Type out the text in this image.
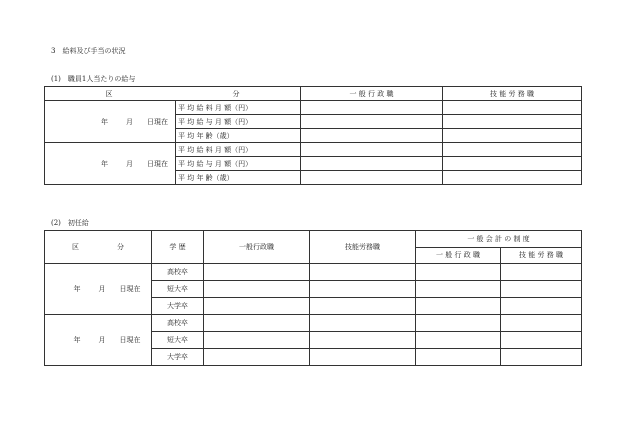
3　給料及び手当の状況
(1)　職員1人当たりの給与
区 分		一 般 行 政 職	技 能 労 務 職
年 月 日現在	平 均 給 料 月 額（円）		
	平 均 給 与 月 額（円）		
	平 均 年 齢（歳）		
年 月 日現在	平 均 給 料 月 額（円）		
	平 均 給 与 月 額（円）		
	平 均 年 齢（歳）		
(2)　初任給
区 分	学 歴	一般行政職	技能労務職	一 般 会 計 の 制 度	
				一 般 行 政 職	技 能 労 務 職
年 月 日現在	高校卒				
	短大卒				
	大学卒				
年 月 日現在	高校卒				
	短大卒				
	大学卒				
